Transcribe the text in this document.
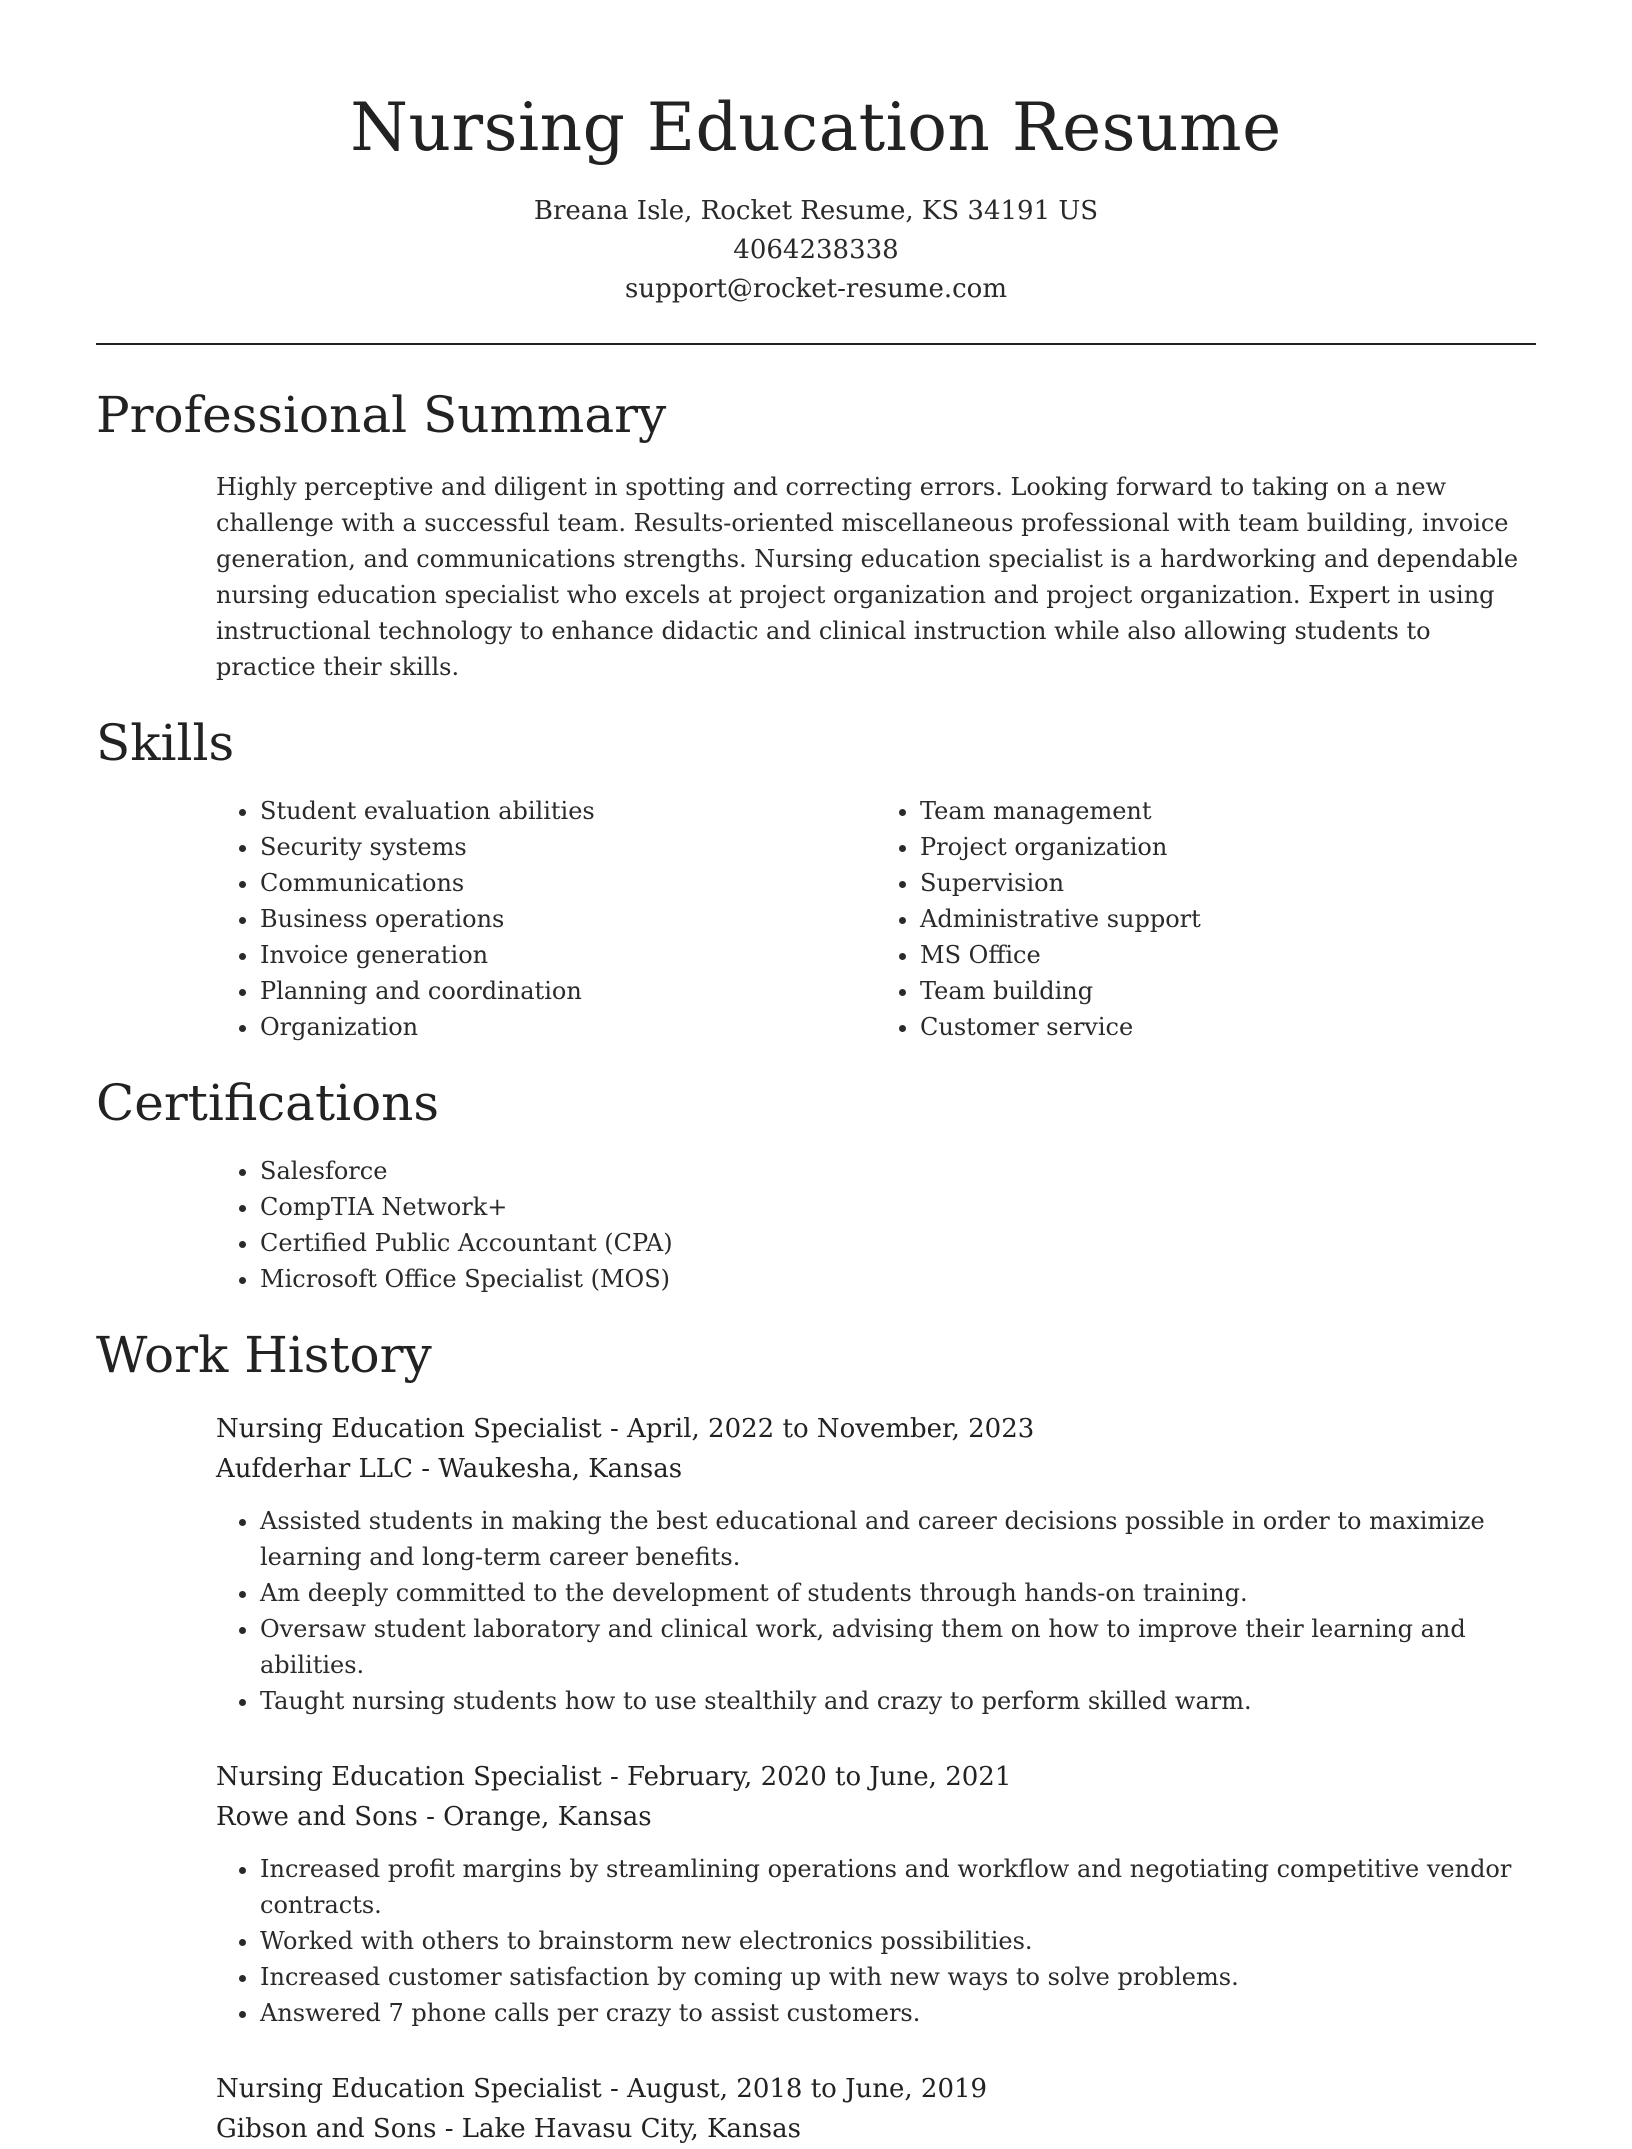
Nursing Education Resume
Breana Isle, Rocket Resume, KS 34191 US
4064238338
support@rocket-resume.com
Professional Summary

Highly perceptive and diligent in spotting and correcting errors. Looking forward to taking on a new challenge with a successful team. Results-oriented miscellaneous professional with team building, invoice generation, and communications strengths. Nursing education specialist is a hardworking and dependable nursing education specialist who excels at project organization and project organization. Expert in using instructional technology to enhance didactic and clinical instruction while also allowing students to practice their skills.

Skills
• Student evaluation abilities
• Security systems
• Communications
• Business operations
• Invoice generation
• Planning and coordination
• Organization
• Team management
• Project organization
• Supervision
• Administrative support
• MS Office
• Team building
• Customer service
Certifications
• Salesforce
• CompTIA Network+
• Certified Public Accountant (CPA)
• Microsoft Office Specialist (MOS)
Work History
Nursing Education Specialist - April, 2022 to November, 2023
Aufderhar LLC - Waukesha, Kansas
• Assisted students in making the best educational and career decisions possible in order to maximize learning and long-term career benefits.
• Am deeply committed to the development of students through hands-on training.
• Oversaw student laboratory and clinical work, advising them on how to improve their learning and abilities.
• Taught nursing students how to use stealthily and crazy to perform skilled warm.
Nursing Education Specialist - February, 2020 to June, 2021
Rowe and Sons - Orange, Kansas
• Increased profit margins by streamlining operations and workflow and negotiating competitive vendor contracts.
• Worked with others to brainstorm new electronics possibilities.
• Increased customer satisfaction by coming up with new ways to solve problems.
• Answered 7 phone calls per crazy to assist customers.
Nursing Education Specialist - August, 2018 to June, 2019
Gibson and Sons - Lake Havasu City, Kansas
